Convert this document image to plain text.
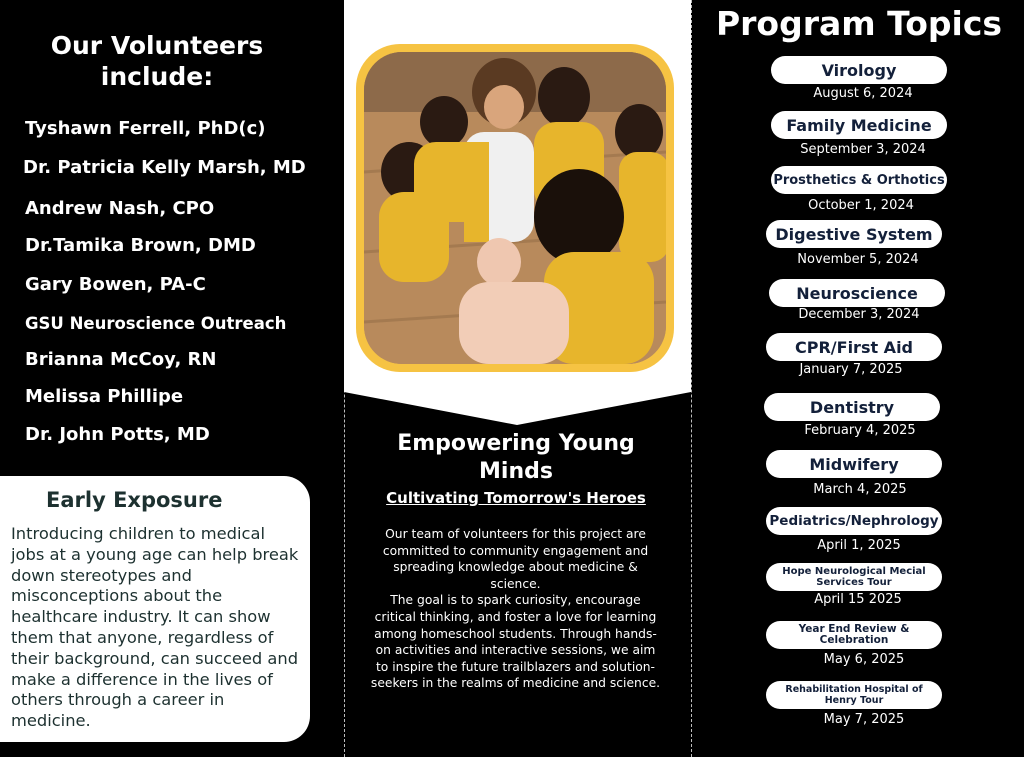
Our Volunteers include:
Tyshawn Ferrell, PhD(c)
Dr. Patricia Kelly Marsh, MD
Andrew Nash, CPO
Dr.Tamika Brown, DMD
Gary Bowen, PA-C
GSU Neuroscience Outreach
Brianna McCoy, RN
Melissa Phillipe
Dr. John Potts, MD
Early Exposure

Introducing children to medical jobs at a young age can help break down stereotypes and misconceptions about the healthcare industry. It can show them that anyone, regardless of their background, can succeed and make a difference in the lives of others through a career in medicine.

Empowering Young Minds
Cultivating Tomorrow's Heroes

Our team of volunteers for this project are committed to community engagement and spreading knowledge about medicine & science.

The goal is to spark curiosity, encourage critical thinking, and foster a love for learning among homeschool students. Through hands-on activities and interactive sessions, we aim to inspire the future trailblazers and solution-seekers in the realms of medicine and science.

Program Topics
Virology
August 6, 2024
Family Medicine
September 3, 2024
Prosthetics & Orthotics
October 1, 2024
Digestive System
November 5, 2024
Neuroscience
December 3, 2024
CPR/First Aid
January 7, 2025
Dentistry
February 4, 2025
Midwifery
March 4, 2025
Pediatrics/Nephrology
April 1, 2025
Hope Neurological Mecial Services Tour
April 15 2025
Year End Review & Celebration
May 6, 2025
Rehabilitation Hospital of Henry Tour
May 7, 2025
